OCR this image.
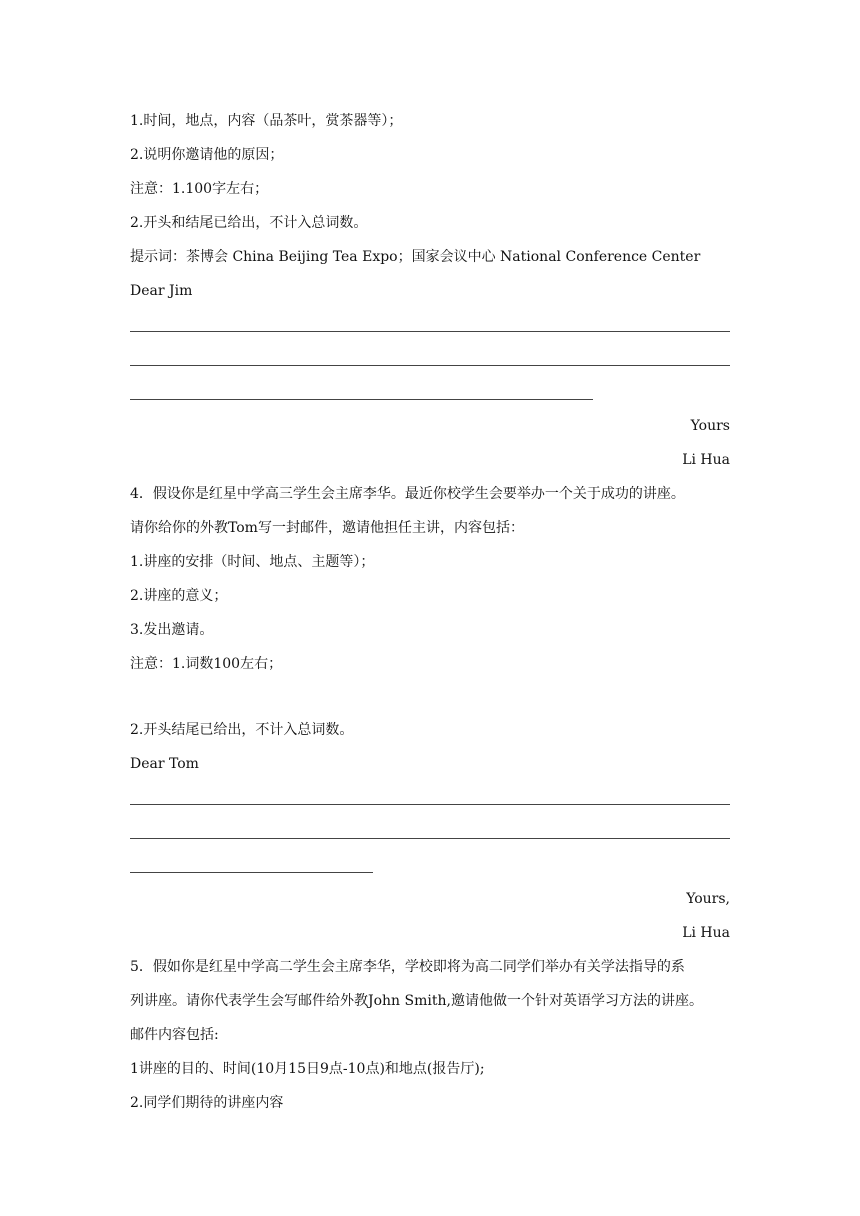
1.时间，地点，内容（品茶叶，赏茶器等）；
2.说明你邀请他的原因；
注意：1.100字左右；
2.开头和结尾已给出，不计入总词数。
提示词：茶博会 China Beijing Tea Expo；国家会议中心 National Conference Center
Dear Jim
Yours
Li Hua
4．假设你是红星中学高三学生会主席李华。最近你校学生会要举办一个关于成功的讲座。
请你给你的外教Tom写一封邮件，邀请他担任主讲，内容包括：
1.讲座的安排（时间、地点、主题等）；
2.讲座的意义；
3.发出邀请。
注意：1.词数100左右；
2.开头结尾已给出，不计入总词数。
Dear Tom
Yours,
Li Hua
5．假如你是红星中学高二学生会主席李华，学校即将为高二同学们举办有关学法指导的系
列讲座。请你代表学生会写邮件给外教John Smith,邀请他做一个针对英语学习方法的讲座。
邮件内容包括:
1讲座的目的、时间(10月15日9点-10点)和地点(报告厅);
2.同学们期待的讲座内容
